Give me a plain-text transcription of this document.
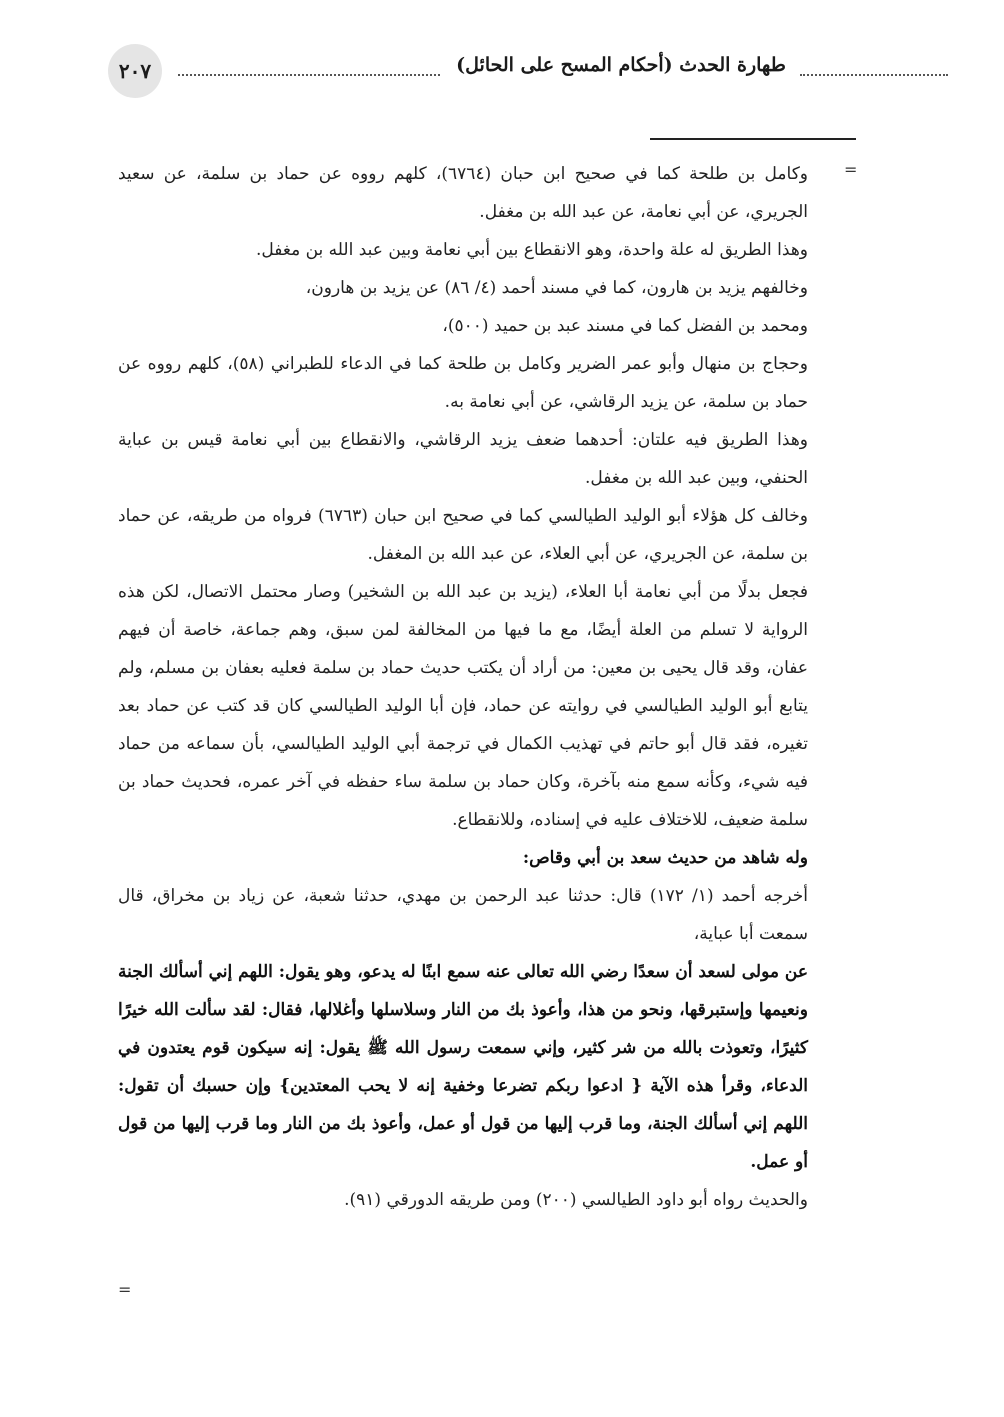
٢٠٧	طهارة الحدث (أحكام المسح على الحائل)
=

وكامل بن طلحة كما في صحيح ابن حبان (٦٧٦٤)، كلهم رووه عن حماد بن سلمة، عن سعيد الجريري، عن أبي نعامة، عن عبد الله بن مغفل.

وهذا الطريق له علة واحدة، وهو الانقطاع بين أبي نعامة وبين عبد الله بن مغفل.

وخالفهم يزيد بن هارون، كما في مسند أحمد (٤/ ٨٦) عن يزيد بن هارون،

ومحمد بن الفضل كما في مسند عبد بن حميد (٥٠٠)،

وحجاج بن منهال وأبو عمر الضرير وكامل بن طلحة كما في الدعاء للطبراني (٥٨)، كلهم رووه عن حماد بن سلمة، عن يزيد الرقاشي، عن أبي نعامة به.

وهذا الطريق فيه علتان: أحدهما ضعف يزيد الرقاشي، والانقطاع بين أبي نعامة قيس بن عباية الحنفي، وبين عبد الله بن مغفل.

وخالف كل هؤلاء أبو الوليد الطيالسي كما في صحيح ابن حبان (٦٧٦٣) فرواه من طريقه، عن حماد بن سلمة، عن الجريري، عن أبي العلاء، عن عبد الله بن المغفل.

فجعل بدلًا من أبي نعامة أبا العلاء، (يزيد بن عبد الله بن الشخير) وصار محتمل الاتصال، لكن هذه الرواية لا تسلم من العلة أيضًا، مع ما فيها من المخالفة لمن سبق، وهم جماعة، خاصة أن فيهم عفان، وقد قال يحيى بن معين: من أراد أن يكتب حديث حماد بن سلمة فعليه بعفان بن مسلم، ولم يتابع أبو الوليد الطيالسي في روايته عن حماد، فإن أبا الوليد الطيالسي كان قد كتب عن حماد بعد تغيره، فقد قال أبو حاتم في تهذيب الكمال في ترجمة أبي الوليد الطيالسي، بأن سماعه من حماد فيه شيء، وكأنه سمع منه بآخرة، وكان حماد بن سلمة ساء حفظه في آخر عمره، فحديث حماد بن سلمة ضعيف، للاختلاف عليه في إسناده، وللانقطاع.

وله شاهد من حديث سعد بن أبي وقاص:

أخرجه أحمد (١/ ١٧٢) قال: حدثنا عبد الرحمن بن مهدي، حدثنا شعبة، عن زياد بن مخراق، قال سمعت أبا عباية،

عن مولى لسعد أن سعدًا رضي الله تعالى عنه سمع ابنًا له يدعو، وهو يقول: اللهم إني أسألك الجنة ونعيمها وإستبرقها، ونحو من هذا، وأعوذ بك من النار وسلاسلها وأغلالها، فقال: لقد سألت الله خيرًا كثيرًا، وتعوذت بالله من شر كثير، وإني سمعت رسول الله ﷺ يقول: إنه سيكون قوم يعتدون في الدعاء، وقرأ هذه الآية { ادعوا ربكم تضرعا وخفية إنه لا يحب المعتدين} وإن حسبك أن تقول: اللهم إني أسألك الجنة، وما قرب إليها من قول أو عمل، وأعوذ بك من النار وما قرب إليها من قول أو عمل.

والحديث رواه أبو داود الطيالسي (٢٠٠) ومن طريقه الدورقي (٩١).

=
